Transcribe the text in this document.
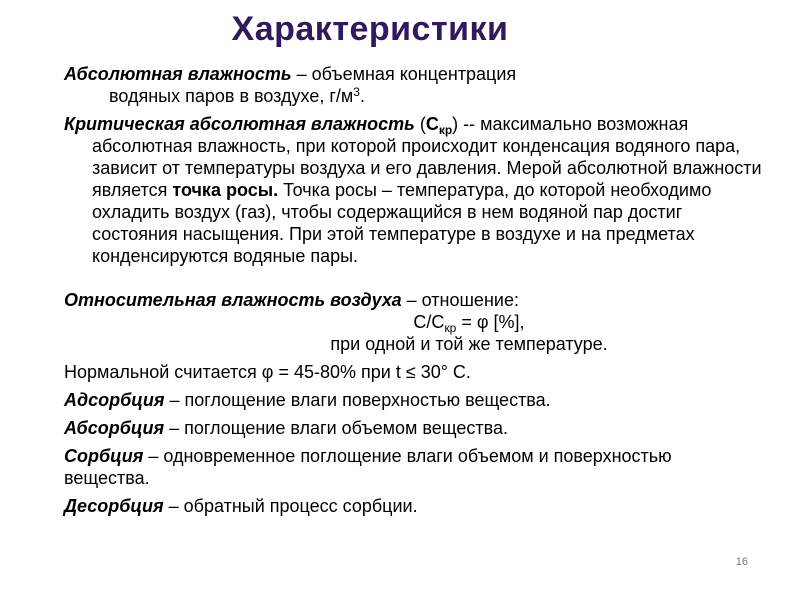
Характеристики

Абсолютная влажность – объемная концентрация

водяных паров в воздухе, $г/м^3$.

Критическая абсолютная влажность $(С_{кр})$ -- максимально возможная абсолютная влажность, при которой происходит конденсация водяного пара, зависит от температуры воздуха и его давления. Мерой абсолютной влажности является точка росы. Точка росы – температура, до которой необходимо охладить воздух (газ), чтобы содержащийся в нем водяной пар достиг состояния насыщения. При этой температуре в воздухе и на предметах конденсируются водяные пары.

Относительная влажность воздуха – отношение:

$С/С_{кр} = \varphi$ [%],

при одной и той же температуре.

Нормальной считается φ = 45-80% при t ≤ 30° С.

Адсорбция – поглощение влаги поверхностью вещества.

Абсорбция – поглощение влаги объемом вещества.

Сорбция – одновременное поглощение влаги объемом и поверхностью вещества.

Десорбция – обратный процесс сорбции.

16
